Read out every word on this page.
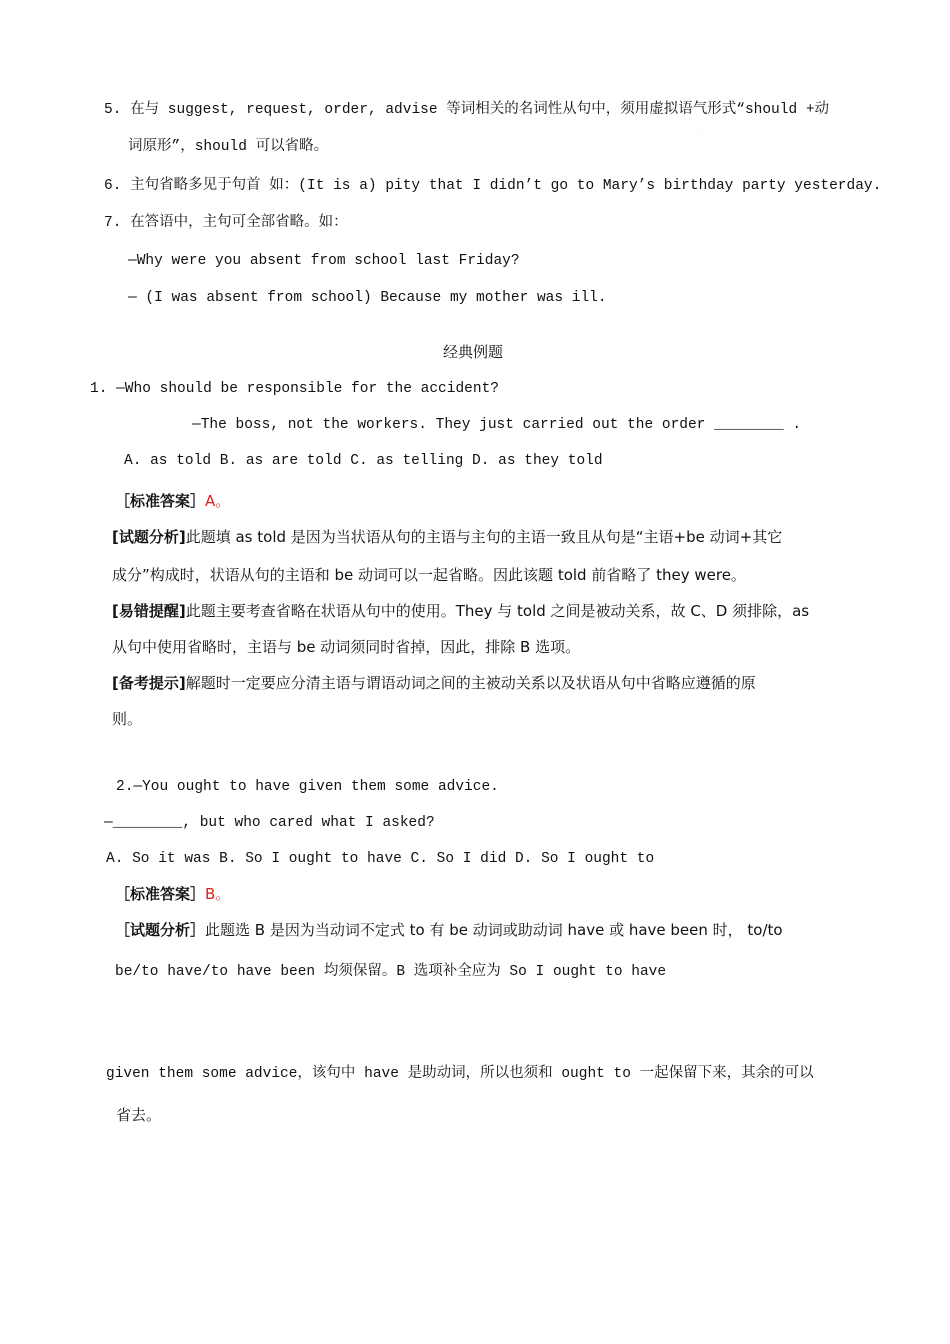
·
·
5. 在与 suggest, request, order, advise 等词相关的名词性从句中，须用虚拟语气形式“should +动
词原形”，should 可以省略。
6. 主句省略多见于句首 如：(It is a) pity that I didn’t go to Mary’s birthday party yesterday.
7. 在答语中，主句可全部省略。如：
—Why were you absent from school last Friday?
— (I was absent from school) Because my mother was ill.
经典例题
1. —Who should be responsible for the accident?
—The boss, not the workers. They just carried out the order ________ .
A. as told B. as are told C. as telling D. as they told
［标准答案］A。
[试题分析]此题填 as told 是因为当状语从句的主语与主句的主语一致且从句是“主语+be 动词+其它
成分”构成时，状语从句的主语和 be 动词可以一起省略。因此该题 told 前省略了 they were。
[易错提醒]此题主要考查省略在状语从句中的使用。They 与 told 之间是被动关系，故 C、D 须排除，as
从句中使用省略时，主语与 be 动词须同时省掉，因此，排除 B 选项。
[备考提示]解题时一定要应分清主语与谓语动词之间的主被动关系以及状语从句中省略应遵循的原
则。
2.—You ought to have given them some advice.
—________, but who cared what I asked?
A. So it was B. So I ought to have C. So I did D. So I ought to
［标准答案］B。
［试题分析］此题选 B 是因为当动词不定式 to 有 be 动词或助动词 have 或 have been 时， to/to
be/to have/to have been 均须保留。B 选项补全应为 So I ought to have
given them some advice，该句中 have 是助动词，所以也须和 ought to 一起保留下来，其余的可以
省去。
